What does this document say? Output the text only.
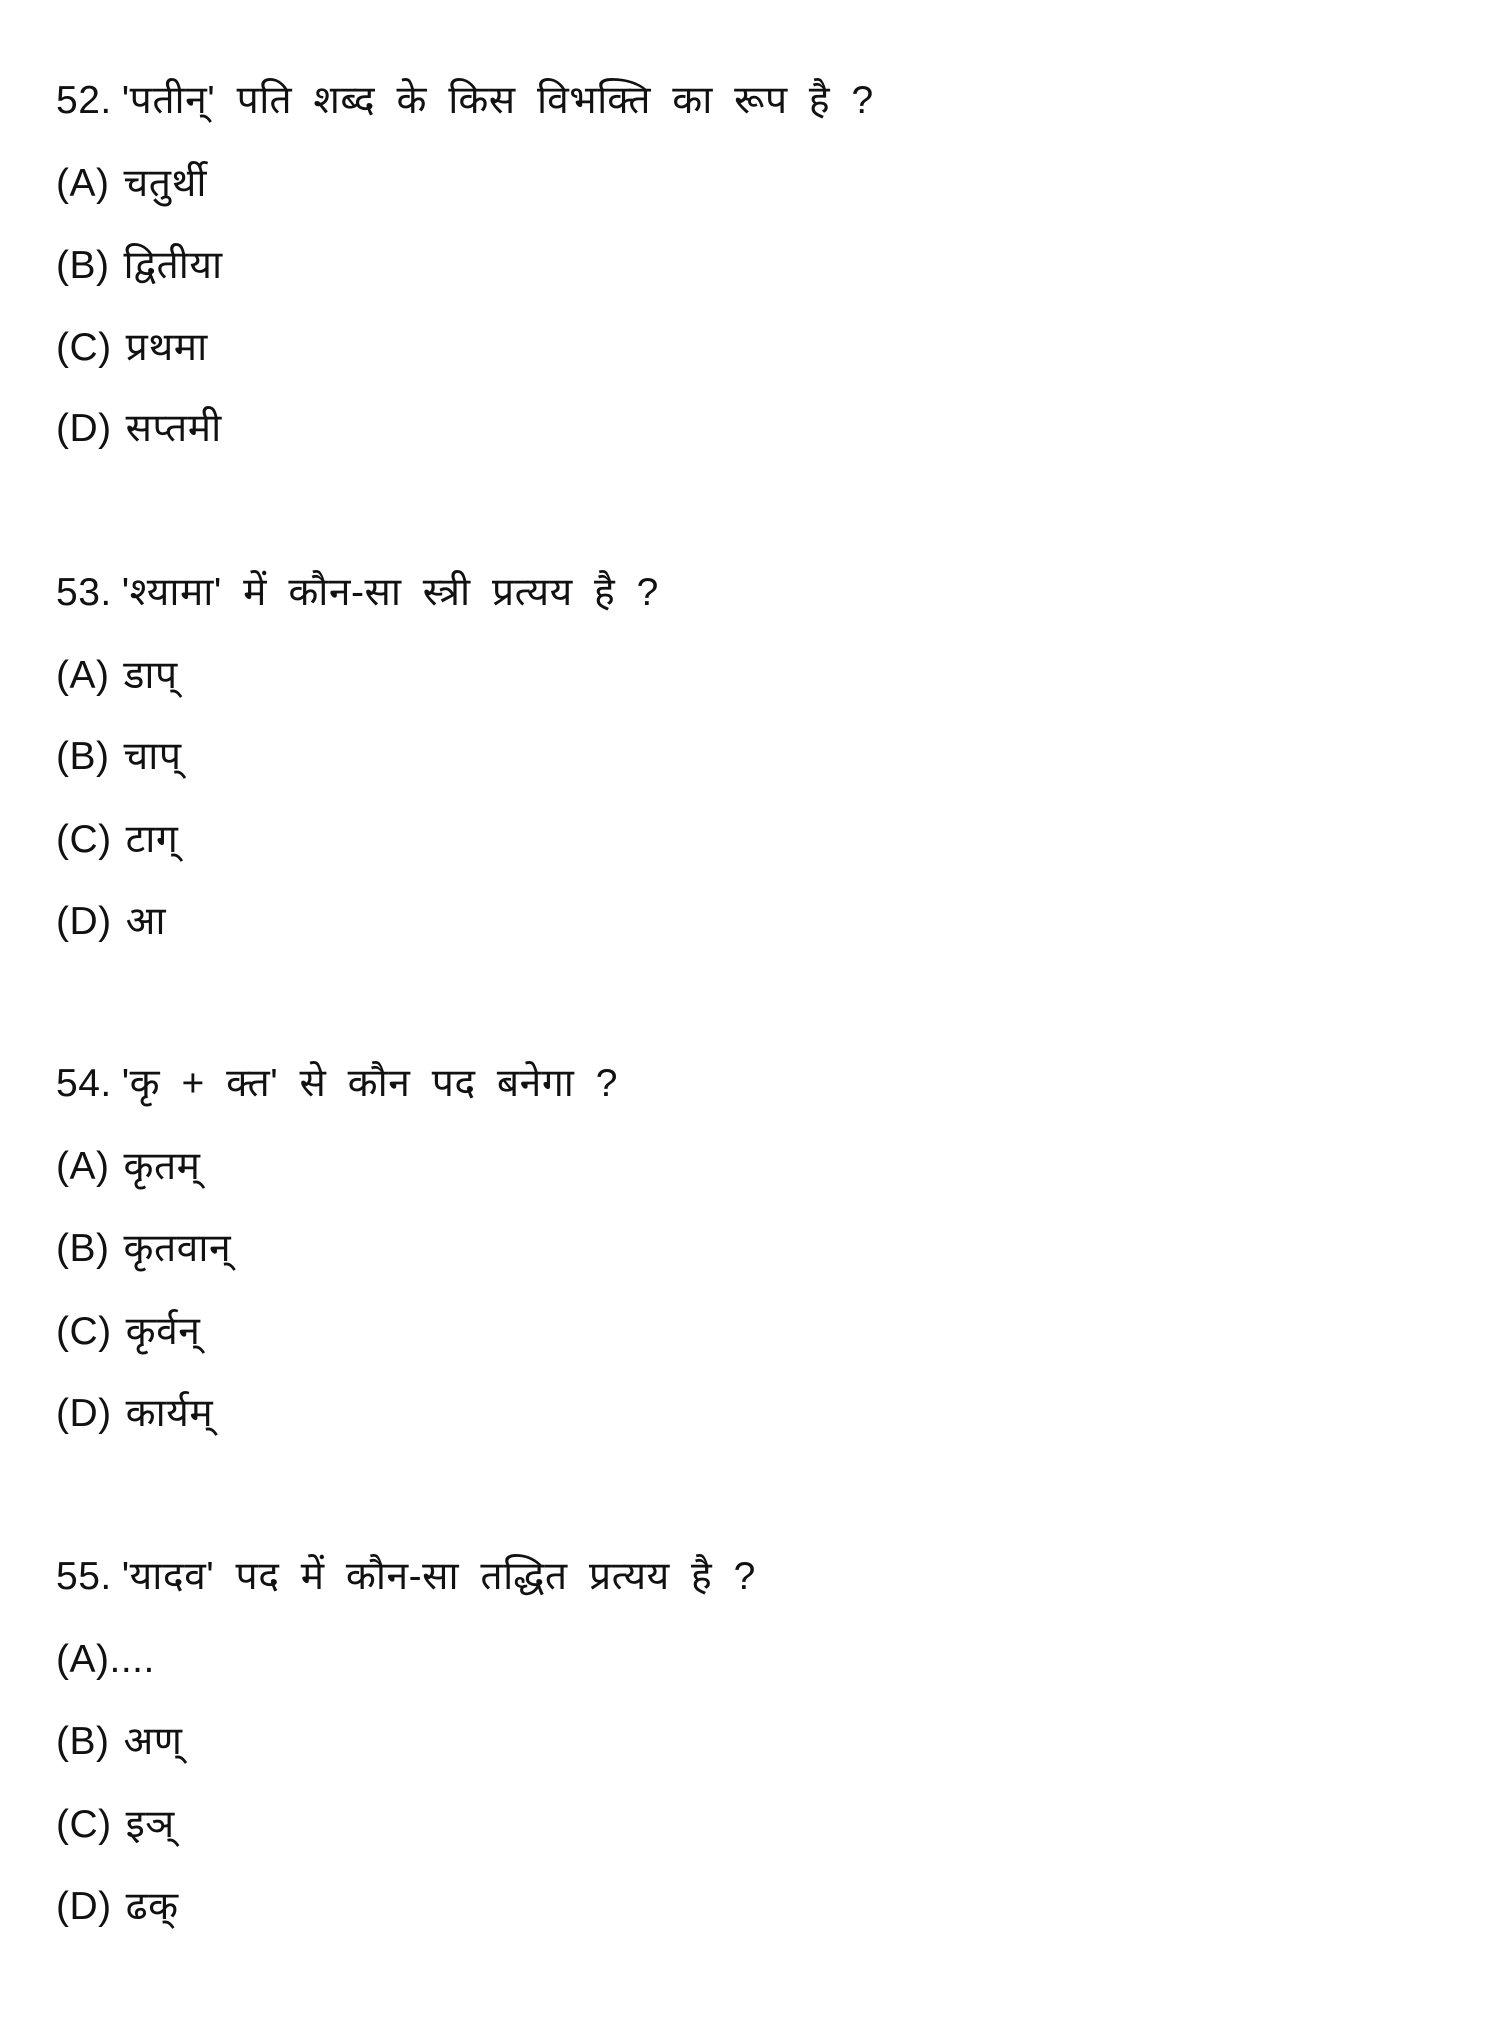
52. 'पतीन्' पति शब्द के किस विभक्ति का रूप है ?
(A) चतुर्थी
(B) द्वितीया
(C) प्रथमा
(D) सप्तमी
53. 'श्यामा' में कौन-सा स्त्री प्रत्यय है ?
(A) डाप्
(B) चाप्
(C) टाग्
(D) आ
54. 'कृ + क्त' से कौन पद बनेगा ?
(A) कृतम्
(B) कृतवान्
(C) कृर्वन्
(D) कार्यम्
55. 'यादव' पद में कौन-सा तद्धित प्रत्यय है ?
(A)....
(B) अण्
(C) इञ्
(D) ढक्
